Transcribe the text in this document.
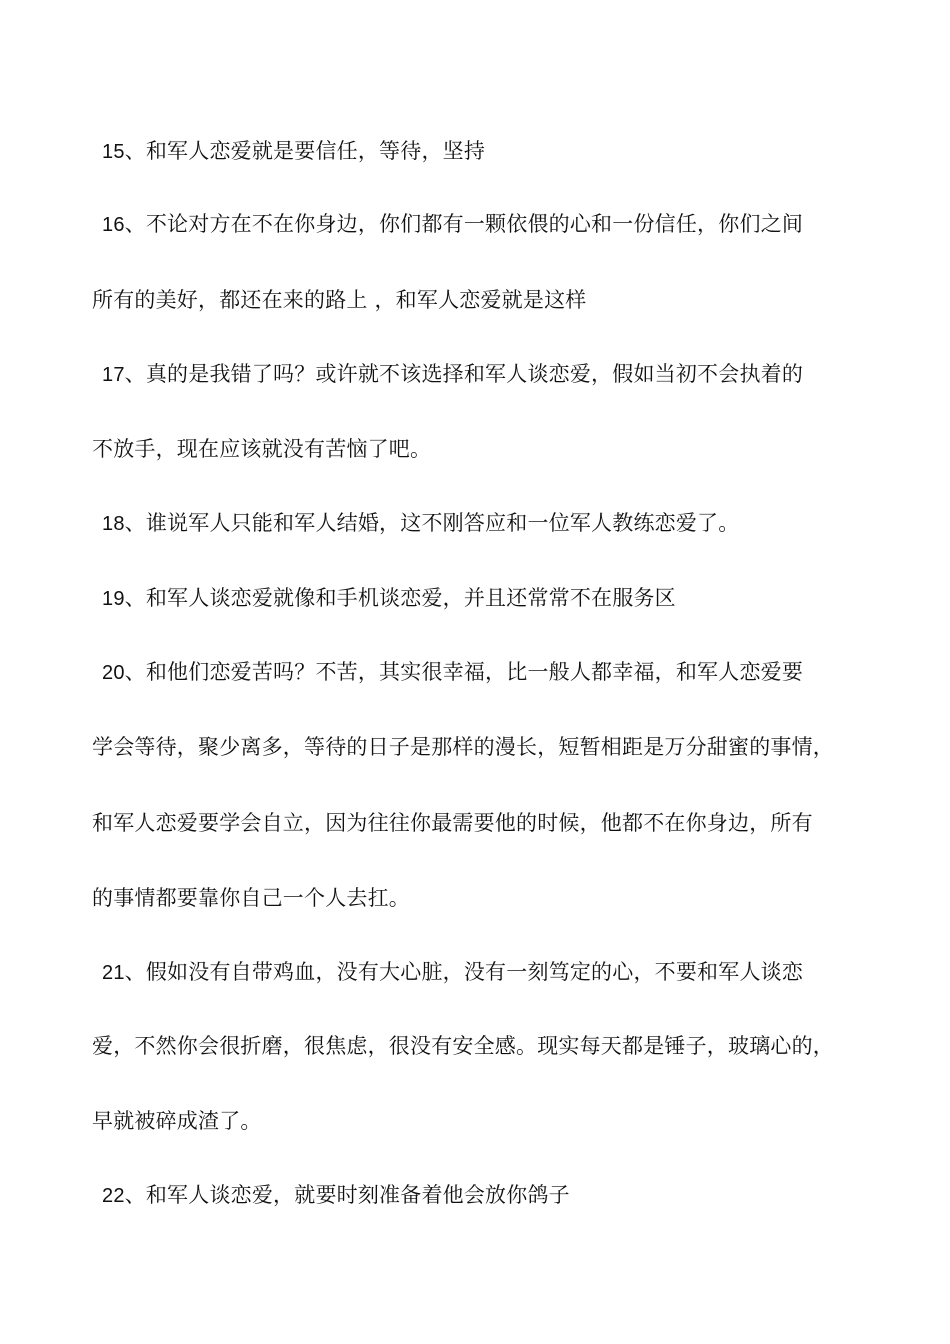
15、和军人恋爱就是要信任，等待，坚持
16、不论对方在不在你身边，你们都有一颗依偎的心和一份信任，你们之间
所有的美好，都还在来的路上 ，和军人恋爱就是这样
17、真的是我错了吗？或许就不该选择和军人谈恋爱，假如当初不会执着的
不放手，现在应该就没有苦恼了吧。
18、谁说军人只能和军人结婚，这不刚答应和一位军人教练恋爱了。
19、和军人谈恋爱就像和手机谈恋爱，并且还常常不在服务区
20、和他们恋爱苦吗？不苦，其实很幸福，比一般人都幸福，和军人恋爱要
学会等待，聚少离多，等待的日子是那样的漫长，短暂相距是万分甜蜜的事情，
和军人恋爱要学会自立，因为往往你最需要他的时候，他都不在你身边，所有
的事情都要靠你自己一个人去扛。
21、假如没有自带鸡血，没有大心脏，没有一刻笃定的心，不要和军人谈恋
爱，不然你会很折磨，很焦虑，很没有安全感。现实每天都是锤子，玻璃心的，
早就被碎成渣了。
22、和军人谈恋爱，就要时刻准备着他会放你鸽子
